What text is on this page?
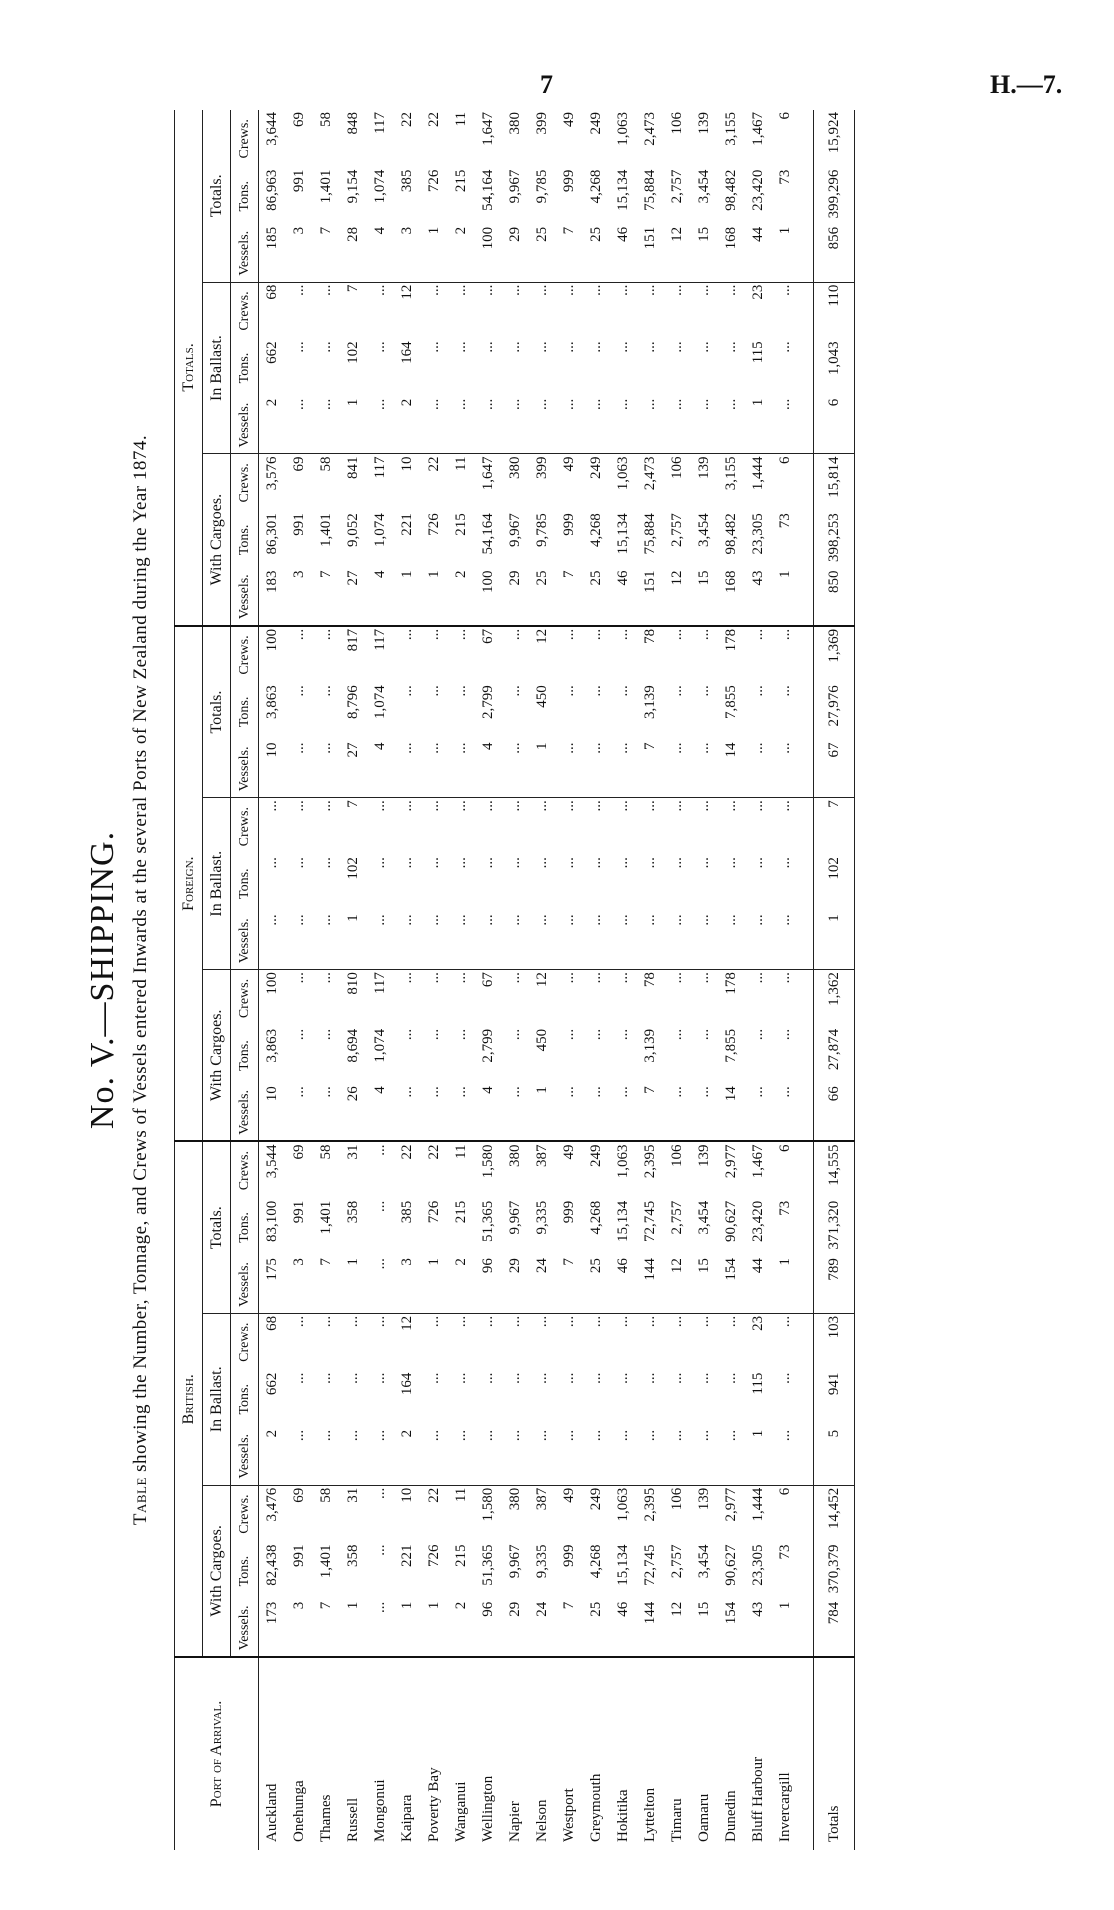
7	H.—7.
No. V.—SHIPPING.
Table showing the Number, Tonnage, and Crews of Vessels entered Inwards at the several Ports of New Zealand during the Year 1874.
Port of Arrival.	British.									Foreign.									Totals.								
	With Cargoes.			In Ballast.			Totals.			With Cargoes.			In Ballast.			Totals.			With Cargoes.			In Ballast.			Totals.		
	Vessels.	Tons.	Crews.	Vessels.	Tons.	Crews.	Vessels.	Tons.	Crews.	Vessels.	Tons.	Crews.	Vessels.	Tons.	Crews.	Vessels.	Tons.	Crews.	Vessels.	Tons.	Crews.	Vessels.	Tons.	Crews.	Vessels.	Tons.	Crews.
Auckland	173	82,438	3,476	2	662	68	175	83,100	3,544	10	3,863	100	...	...	...	10	3,863	100	183	86,301	3,576	2	662	68	185	86,963	3,644
Onehunga	3	991	69	...	...	...	3	991	69	...	...	...	...	...	...	...	...	...	3	991	69	...	...	...	3	991	69
Thames	7	1,401	58	...	...	...	7	1,401	58	...	...	...	...	...	...	...	...	...	7	1,401	58	...	...	...	7	1,401	58
Russell	1	358	31	...	...	...	1	358	31	26	8,694	810	1	102	7	27	8,796	817	27	9,052	841	1	102	7	28	9,154	848
Mongonui	...	...	...	...	...	...	...	...	...	4	1,074	117	...	...	...	4	1,074	117	4	1,074	117	...	...	...	4	1,074	117
Kaipara	1	221	10	2	164	12	3	385	22	...	...	...	...	...	...	...	...	...	1	221	10	2	164	12	3	385	22
Poverty Bay	1	726	22	...	...	...	1	726	22	...	...	...	...	...	...	...	...	...	1	726	22	...	...	...	1	726	22
Wanganui	2	215	11	...	...	...	2	215	11	...	...	...	...	...	...	...	...	...	2	215	11	...	...	...	2	215	11
Wellington	96	51,365	1,580	...	...	...	96	51,365	1,580	4	2,799	67	...	...	...	4	2,799	67	100	54,164	1,647	...	...	...	100	54,164	1,647
Napier	29	9,967	380	...	...	...	29	9,967	380	...	...	...	...	...	...	...	...	...	29	9,967	380	...	...	...	29	9,967	380
Nelson	24	9,335	387	...	...	...	24	9,335	387	1	450	12	...	...	...	1	450	12	25	9,785	399	...	...	...	25	9,785	399
Westport	7	999	49	...	...	...	7	999	49	...	...	...	...	...	...	...	...	...	7	999	49	...	...	...	7	999	49
Greymouth	25	4,268	249	...	...	...	25	4,268	249	...	...	...	...	...	...	...	...	...	25	4,268	249	...	...	...	25	4,268	249
Hokitika	46	15,134	1,063	...	...	...	46	15,134	1,063	...	...	...	...	...	...	...	...	...	46	15,134	1,063	...	...	...	46	15,134	1,063
Lyttelton	144	72,745	2,395	...	...	...	144	72,745	2,395	7	3,139	78	...	...	...	7	3,139	78	151	75,884	2,473	...	...	...	151	75,884	2,473
Timaru	12	2,757	106	...	...	...	12	2,757	106	...	...	...	...	...	...	...	...	...	12	2,757	106	...	...	...	12	2,757	106
Oamaru	15	3,454	139	...	...	...	15	3,454	139	...	...	...	...	...	...	...	...	...	15	3,454	139	...	...	...	15	3,454	139
Dunedin	154	90,627	2,977	...	...	...	154	90,627	2,977	14	7,855	178	...	...	...	14	7,855	178	168	98,482	3,155	...	...	...	168	98,482	3,155
Bluff Harbour	43	23,305	1,444	1	115	23	44	23,420	1,467	...	...	...	...	...	...	...	...	...	43	23,305	1,444	1	115	23	44	23,420	1,467
Invercargill	1	73	6	...	...	...	1	73	6	...	...	...	...	...	...	...	...	...	1	73	6	...	...	...	1	73	6

Totals	784	370,379	14,452	5	941	103	789	371,320	14,555	66	27,874	1,362	1	102	7	67	27,976	1,369	850	398,253	15,814	6	1,043	110	856	399,296	15,924
